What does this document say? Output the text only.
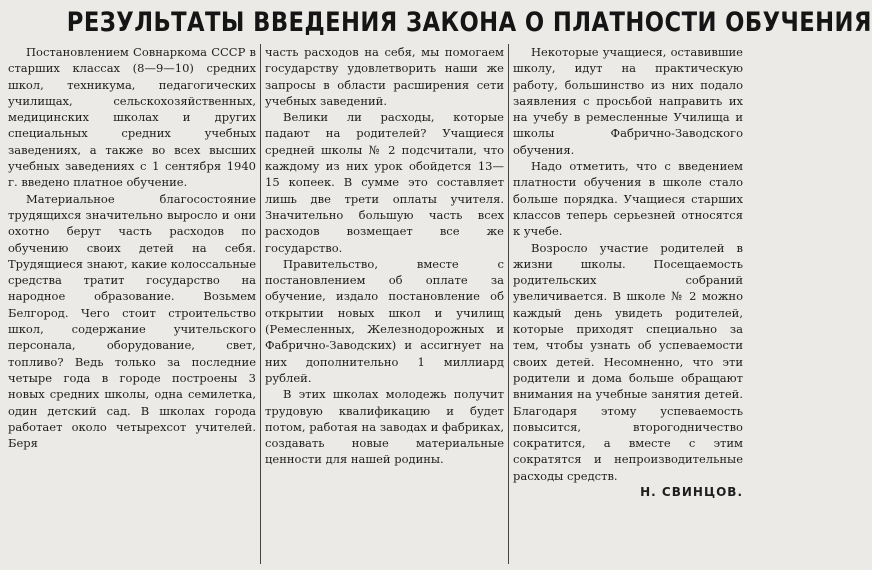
РЕЗУЛЬТАТЫ ВВЕДЕНИЯ ЗАКОНА О ПЛАТНОСТИ ОБУЧЕНИЯ

Постановлением Совнаркома СССР в старших классах (8—9—10) средних школ, техникума, педагогических училищах, сельскохозяйственных, медицинских школах и других специальных средних учебных заведениях, а также во всех высших учебных заведениях с 1 сентября 1940 г. введено платное обучение.

Материальное благосостояние трудящихся значительно выросло и они охотно берут часть расходов по обучению своих детей на себя. Трудящиеся знают, какие колоссальные средства тратит государство на народное образование. Возьмем Белгород. Чего стоит строительство школ, содержание учительского персонала, оборудование, свет, топливо? Ведь только за последние четыре года в городе построены 3 новых средних школы, одна семилетка, один детский сад. В школах города работает около четырехсот учителей. Беря

часть расходов на себя, мы помогаем государству удовлетворить наши же запросы в области расширения сети учебных заведений.

Велики ли расходы, которые падают на родителей? Учащиеся средней школы № 2 подсчитали, что каждому из них урок обойдется 13—15 копеек. В сумме это составляет лишь две трети оплаты учителя. Значительно большую часть всех расходов возмещает все же государство.

Правительство, вместе с постановлением об оплате за обучение, издало постановление об открытии новых школ и училищ (Ремесленных, Железнодорожных и Фабрично-Заводских) и ассигнует на них дополнительно 1 миллиард рублей.

В этих школах молодежь получит трудовую квалификацию и будет потом, работая на заводах и фабриках, создавать новые материальные ценности для нашей родины.

Некоторые учащиеся, оставившие школу, идут на практическую работу, большинство из них подало заявления с просьбой направить их на учебу в ремесленные Училища и школы Фабрично-Заводского обучения.

Надо отметить, что с введением платности обучения в школе стало больше порядка. Учащиеся старших классов теперь серьезней относятся к учебе.

Возросло участие родителей в жизни школы. Посещаемость родительских собраний увеличивается. В школе № 2 можно каждый день увидеть родителей, которые приходят специально за тем, чтобы узнать об успеваемости своих детей. Несомненно, что эти родители и дома больше обращают внимания на учебные занятия детей. Благодаря этому успеваемость повысится, второгодничество сократится, а вместе с этим сократятся и непроизводительные расходы средств.

Н. СВИНЦОВ.
